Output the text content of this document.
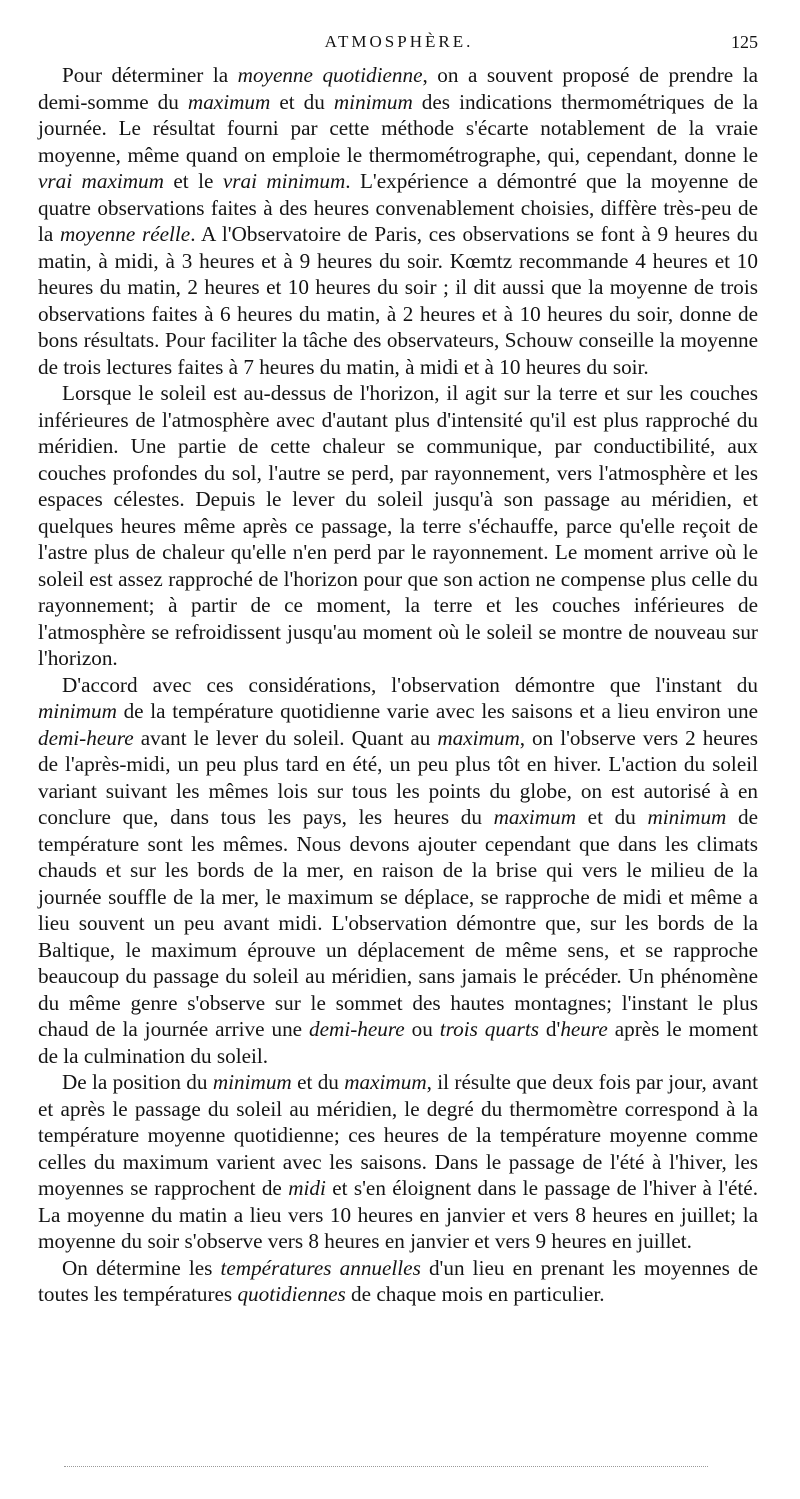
ATMOSPHÈRE.	125

Pour déterminer la moyenne quotidienne, on a souvent proposé de prendre la demi-somme du maximum et du minimum des indications thermométriques de la journée. Le résultat fourni par cette méthode s'écarte notablement de la vraie moyenne, même quand on emploie le thermométrographe, qui, cependant, donne le vrai maximum et le vrai minimum. L'expérience a démontré que la moyenne de quatre observations faites à des heures convenablement choisies, diffère très-peu de la moyenne réelle. A l'Observatoire de Paris, ces observations se font à 9 heures du matin, à midi, à 3 heures et à 9 heures du soir. Kœmtz recommande 4 heures et 10 heures du matin, 2 heures et 10 heures du soir ; il dit aussi que la moyenne de trois observations faites à 6 heures du matin, à 2 heures et à 10 heures du soir, donne de bons résultats. Pour faciliter la tâche des observateurs, Schouw conseille la moyenne de trois lectures faites à 7 heures du matin, à midi et à 10 heures du soir.

Lorsque le soleil est au-dessus de l'horizon, il agit sur la terre et sur les couches inférieures de l'atmosphère avec d'autant plus d'intensité qu'il est plus rapproché du méridien. Une partie de cette chaleur se communique, par conductibilité, aux couches profondes du sol, l'autre se perd, par rayonnement, vers l'atmosphère et les espaces célestes. Depuis le lever du soleil jusqu'à son passage au méridien, et quelques heures même après ce passage, la terre s'échauffe, parce qu'elle reçoit de l'astre plus de chaleur qu'elle n'en perd par le rayonnement. Le moment arrive où le soleil est assez rapproché de l'horizon pour que son action ne compense plus celle du rayonnement; à partir de ce moment, la terre et les couches inférieures de l'atmosphère se refroidissent jusqu'au moment où le soleil se montre de nouveau sur l'horizon.

D'accord avec ces considérations, l'observation démontre que l'instant du minimum de la température quotidienne varie avec les saisons et a lieu environ une demi-heure avant le lever du soleil. Quant au maximum, on l'observe vers 2 heures de l'après-midi, un peu plus tard en été, un peu plus tôt en hiver. L'action du soleil variant suivant les mêmes lois sur tous les points du globe, on est autorisé à en conclure que, dans tous les pays, les heures du maximum et du minimum de température sont les mêmes. Nous devons ajouter cependant que dans les climats chauds et sur les bords de la mer, en raison de la brise qui vers le milieu de la journée souffle de la mer, le maximum se déplace, se rapproche de midi et même a lieu souvent un peu avant midi. L'observation démontre que, sur les bords de la Baltique, le maximum éprouve un déplacement de même sens, et se rapproche beaucoup du passage du soleil au méridien, sans jamais le précéder. Un phénomène du même genre s'observe sur le sommet des hautes montagnes; l'instant le plus chaud de la journée arrive une demi-heure ou trois quarts d'heure après le moment de la culmination du soleil.

De la position du minimum et du maximum, il résulte que deux fois par jour, avant et après le passage du soleil au méridien, le degré du thermomètre correspond à la température moyenne quotidienne; ces heures de la température moyenne comme celles du maximum varient avec les saisons. Dans le passage de l'été à l'hiver, les moyennes se rapprochent de midi et s'en éloignent dans le passage de l'hiver à l'été. La moyenne du matin a lieu vers 10 heures en janvier et vers 8 heures en juillet; la moyenne du soir s'observe vers 8 heures en janvier et vers 9 heures en juillet.

On détermine les températures annuelles d'un lieu en prenant les moyennes de toutes les températures quotidiennes de chaque mois en particulier.
